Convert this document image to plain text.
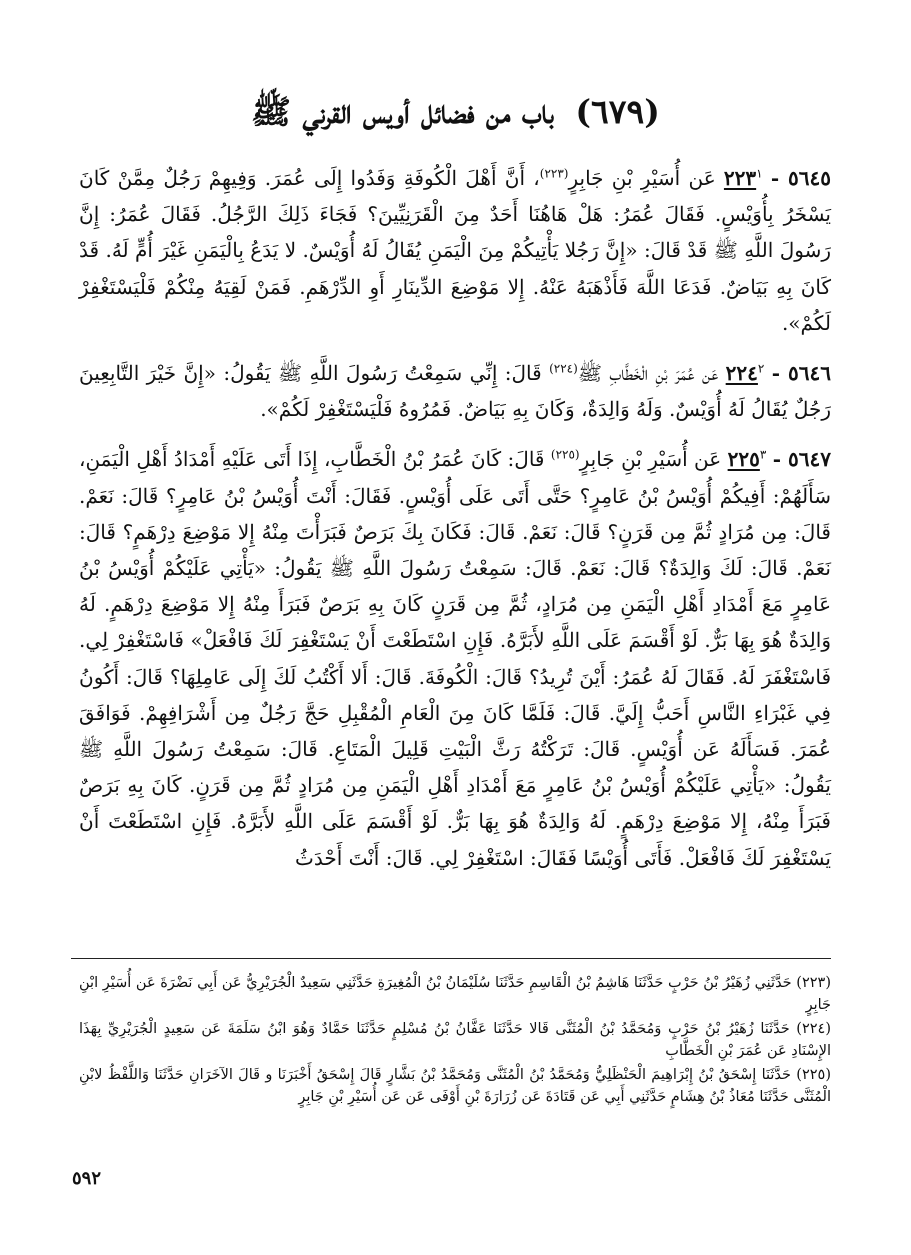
(٦٧٩) باب من فضائل أويس القرني ﷺ

٥٦٤٥ - ٢٢٣$^١$ عَن أُسَيْرِ بْنِ جَابِرٍ$^{(٢٢٣)}$، أَنَّ أَهْلَ الْكُوفَةِ وَفَدُوا إِلَى عُمَرَ. وَفِيهِمْ رَجُلٌ مِمَّنْ كَانَ يَسْخَرُ بِأُوَيْسٍ. فَقَالَ عُمَرُ: هَلْ هَاهُنَا أَحَدٌ مِنَ الْقَرَنِيِّينَ؟ فَجَاءَ ذَلِكَ الرَّجُلُ. فَقَالَ عُمَرُ: إِنَّ رَسُولَ اللَّهِ ﷺ قَدْ قَالَ: «إِنَّ رَجُلا يَأْتِيكُمْ مِنَ الْيَمَنِ يُقَالُ لَهُ أُوَيْسٌ. لا يَدَعُ بِالْيَمَنِ غَيْرَ أُمٍّ لَهُ. قَدْ كَانَ بِهِ بَيَاضٌ. فَدَعَا اللَّهَ فَأَذْهَبَهُ عَنْهُ. إِلا مَوْضِعَ الدِّينَارِ أَوِ الدِّرْهَمِ. فَمَنْ لَقِيَهُ مِنْكُمْ فَلْيَسْتَغْفِرْ لَكُمْ».

٥٦٤٦ - ٢٢٤$^٢$ عَن عُمَرَ بْنِ الْخَطَّابِ ﷺ$^{(٢٢٤)}$ قَالَ: إِنِّي سَمِعْتُ رَسُولَ اللَّهِ ﷺ يَقُولُ: «إِنَّ خَيْرَ التَّابِعِينَ رَجُلٌ يُقَالُ لَهُ أُوَيْسٌ. وَلَهُ وَالِدَةٌ، وَكَانَ بِهِ بَيَاضٌ. فَمُرُوهُ فَلْيَسْتَغْفِرْ لَكُمْ».

٥٦٤٧ - ٢٢٥$^٣$ عَن أُسَيْرِ بْنِ جَابِرٍ$^{(٢٢٥)}$ قَالَ: كَانَ عُمَرُ بْنُ الْخَطَّابِ، إِذَا أَتَى عَلَيْهِ أَمْدَادُ أَهْلِ الْيَمَنِ، سَأَلَهُمْ: أَفِيكُمْ أُوَيْسُ بْنُ عَامِرٍ؟ حَتَّى أَتَى عَلَى أُوَيْسٍ. فَقَالَ: أَنْتَ أُوَيْسُ بْنُ عَامِرٍ؟ قَالَ: نَعَمْ. قَالَ: مِن مُرَادٍ ثُمَّ مِن قَرَنٍ؟ قَالَ: نَعَمْ. قَالَ: فَكَانَ بِكَ بَرَصٌ فَبَرَأْتَ مِنْهُ إِلا مَوْضِعَ دِرْهَمٍ؟ قَالَ: نَعَمْ. قَالَ: لَكَ وَالِدَةٌ؟ قَالَ: نَعَمْ. قَالَ: سَمِعْتُ رَسُولَ اللَّهِ ﷺ يَقُولُ: «يَأْتِي عَلَيْكُمْ أُوَيْسُ بْنُ عَامِرٍ مَعَ أَمْدَادِ أَهْلِ الْيَمَنِ مِن مُرَادٍ، ثُمَّ مِن قَرَنٍ كَانَ بِهِ بَرَصٌ فَبَرَأَ مِنْهُ إِلا مَوْضِعَ دِرْهَمٍ. لَهُ وَالِدَةٌ هُوَ بِهَا بَرٌّ. لَوْ أَقْسَمَ عَلَى اللَّهِ لأَبَرَّهُ. فَإِنِ اسْتَطَعْتَ أَنْ يَسْتَغْفِرَ لَكَ فَافْعَلْ» فَاسْتَغْفِرْ لِي. فَاسْتَغْفَرَ لَهُ. فَقَالَ لَهُ عُمَرُ: أَيْنَ تُرِيدُ؟ قَالَ: الْكُوفَةَ. قَالَ: أَلا أَكْتُبُ لَكَ إِلَى عَامِلِهَا؟ قَالَ: أَكُونُ فِي غَبْرَاءِ النَّاسِ أَحَبُّ إِلَيَّ. قَالَ: فَلَمَّا كَانَ مِنَ الْعَامِ الْمُقْبِلِ حَجَّ رَجُلٌ مِن أَشْرَافِهِمْ. فَوَافَقَ عُمَرَ. فَسَأَلَهُ عَن أُوَيْسٍ. قَالَ: تَرَكْتُهُ رَثَّ الْبَيْتِ قَلِيلَ الْمَتَاعِ. قَالَ: سَمِعْتُ رَسُولَ اللَّهِ ﷺ يَقُولُ: «يَأْتِي عَلَيْكُمْ أُوَيْسُ بْنُ عَامِرٍ مَعَ أَمْدَادِ أَهْلِ الْيَمَنِ مِن مُرَادٍ ثُمَّ مِن قَرَنٍ. كَانَ بِهِ بَرَصٌ فَبَرَأَ مِنْهُ، إِلا مَوْضِعَ دِرْهَمٍ. لَهُ وَالِدَةٌ هُوَ بِهَا بَرٌّ. لَوْ أَقْسَمَ عَلَى اللَّهِ لأَبَرَّهُ. فَإِنِ اسْتَطَعْتَ أَنْ يَسْتَغْفِرَ لَكَ فَافْعَلْ. فَأَتَى أُوَيْسًا فَقَالَ: اسْتَغْفِرْ لِي. قَالَ: أَنْتَ أَحْدَثُ

(٢٢٣) حَدَّثَنِي زُهَيْرُ بْنُ حَرْبٍ حَدَّثَنَا هَاشِمُ بْنُ الْقَاسِمِ حَدَّثَنَا سُلَيْمَانُ بْنُ الْمُغِيرَةِ حَدَّثَنِي سَعِيدٌ الْجُرَيْرِيُّ عَن أَبِي نَضْرَةَ عَن أُسَيْرِ ابْنِ جَابِرٍ

(٢٢٤) حَدَّثَنَا زُهَيْرُ بْنُ حَرْبٍ وَمُحَمَّدُ بْنُ الْمُثَنَّى قَالا حَدَّثَنَا عَفَّانُ بْنُ مُسْلِمٍ حَدَّثَنَا حَمَّادٌ وَهُوَ ابْنُ سَلَمَةَ عَن سَعِيدٍ الْجُرَيْرِيِّ بِهَذَا الإِسْنَادِ عَن عُمَرَ بْنِ الْخَطَّابِ

(٢٢٥) حَدَّثَنَا إِسْحَقُ بْنُ إِبْرَاهِيمَ الْحَنْظَلِيُّ وَمُحَمَّدُ بْنُ الْمُثَنَّى وَمُحَمَّدُ بْنُ بَشَّارٍ قَالَ إِسْحَقُ أَخْبَرَنَا و قَالَ الآخَرَانِ حَدَّثَنَا وَاللَّفْظُ لابْنِ الْمُثَنَّى حَدَّثَنَا مُعَاذُ بْنُ هِشَامٍ حَدَّثَنِي أَبِي عَن قَتَادَةَ عَن زُرَارَةَ بْنِ أَوْفَى عَن عَن أُسَيْرِ بْنِ جَابِرٍ

٥٩٢
